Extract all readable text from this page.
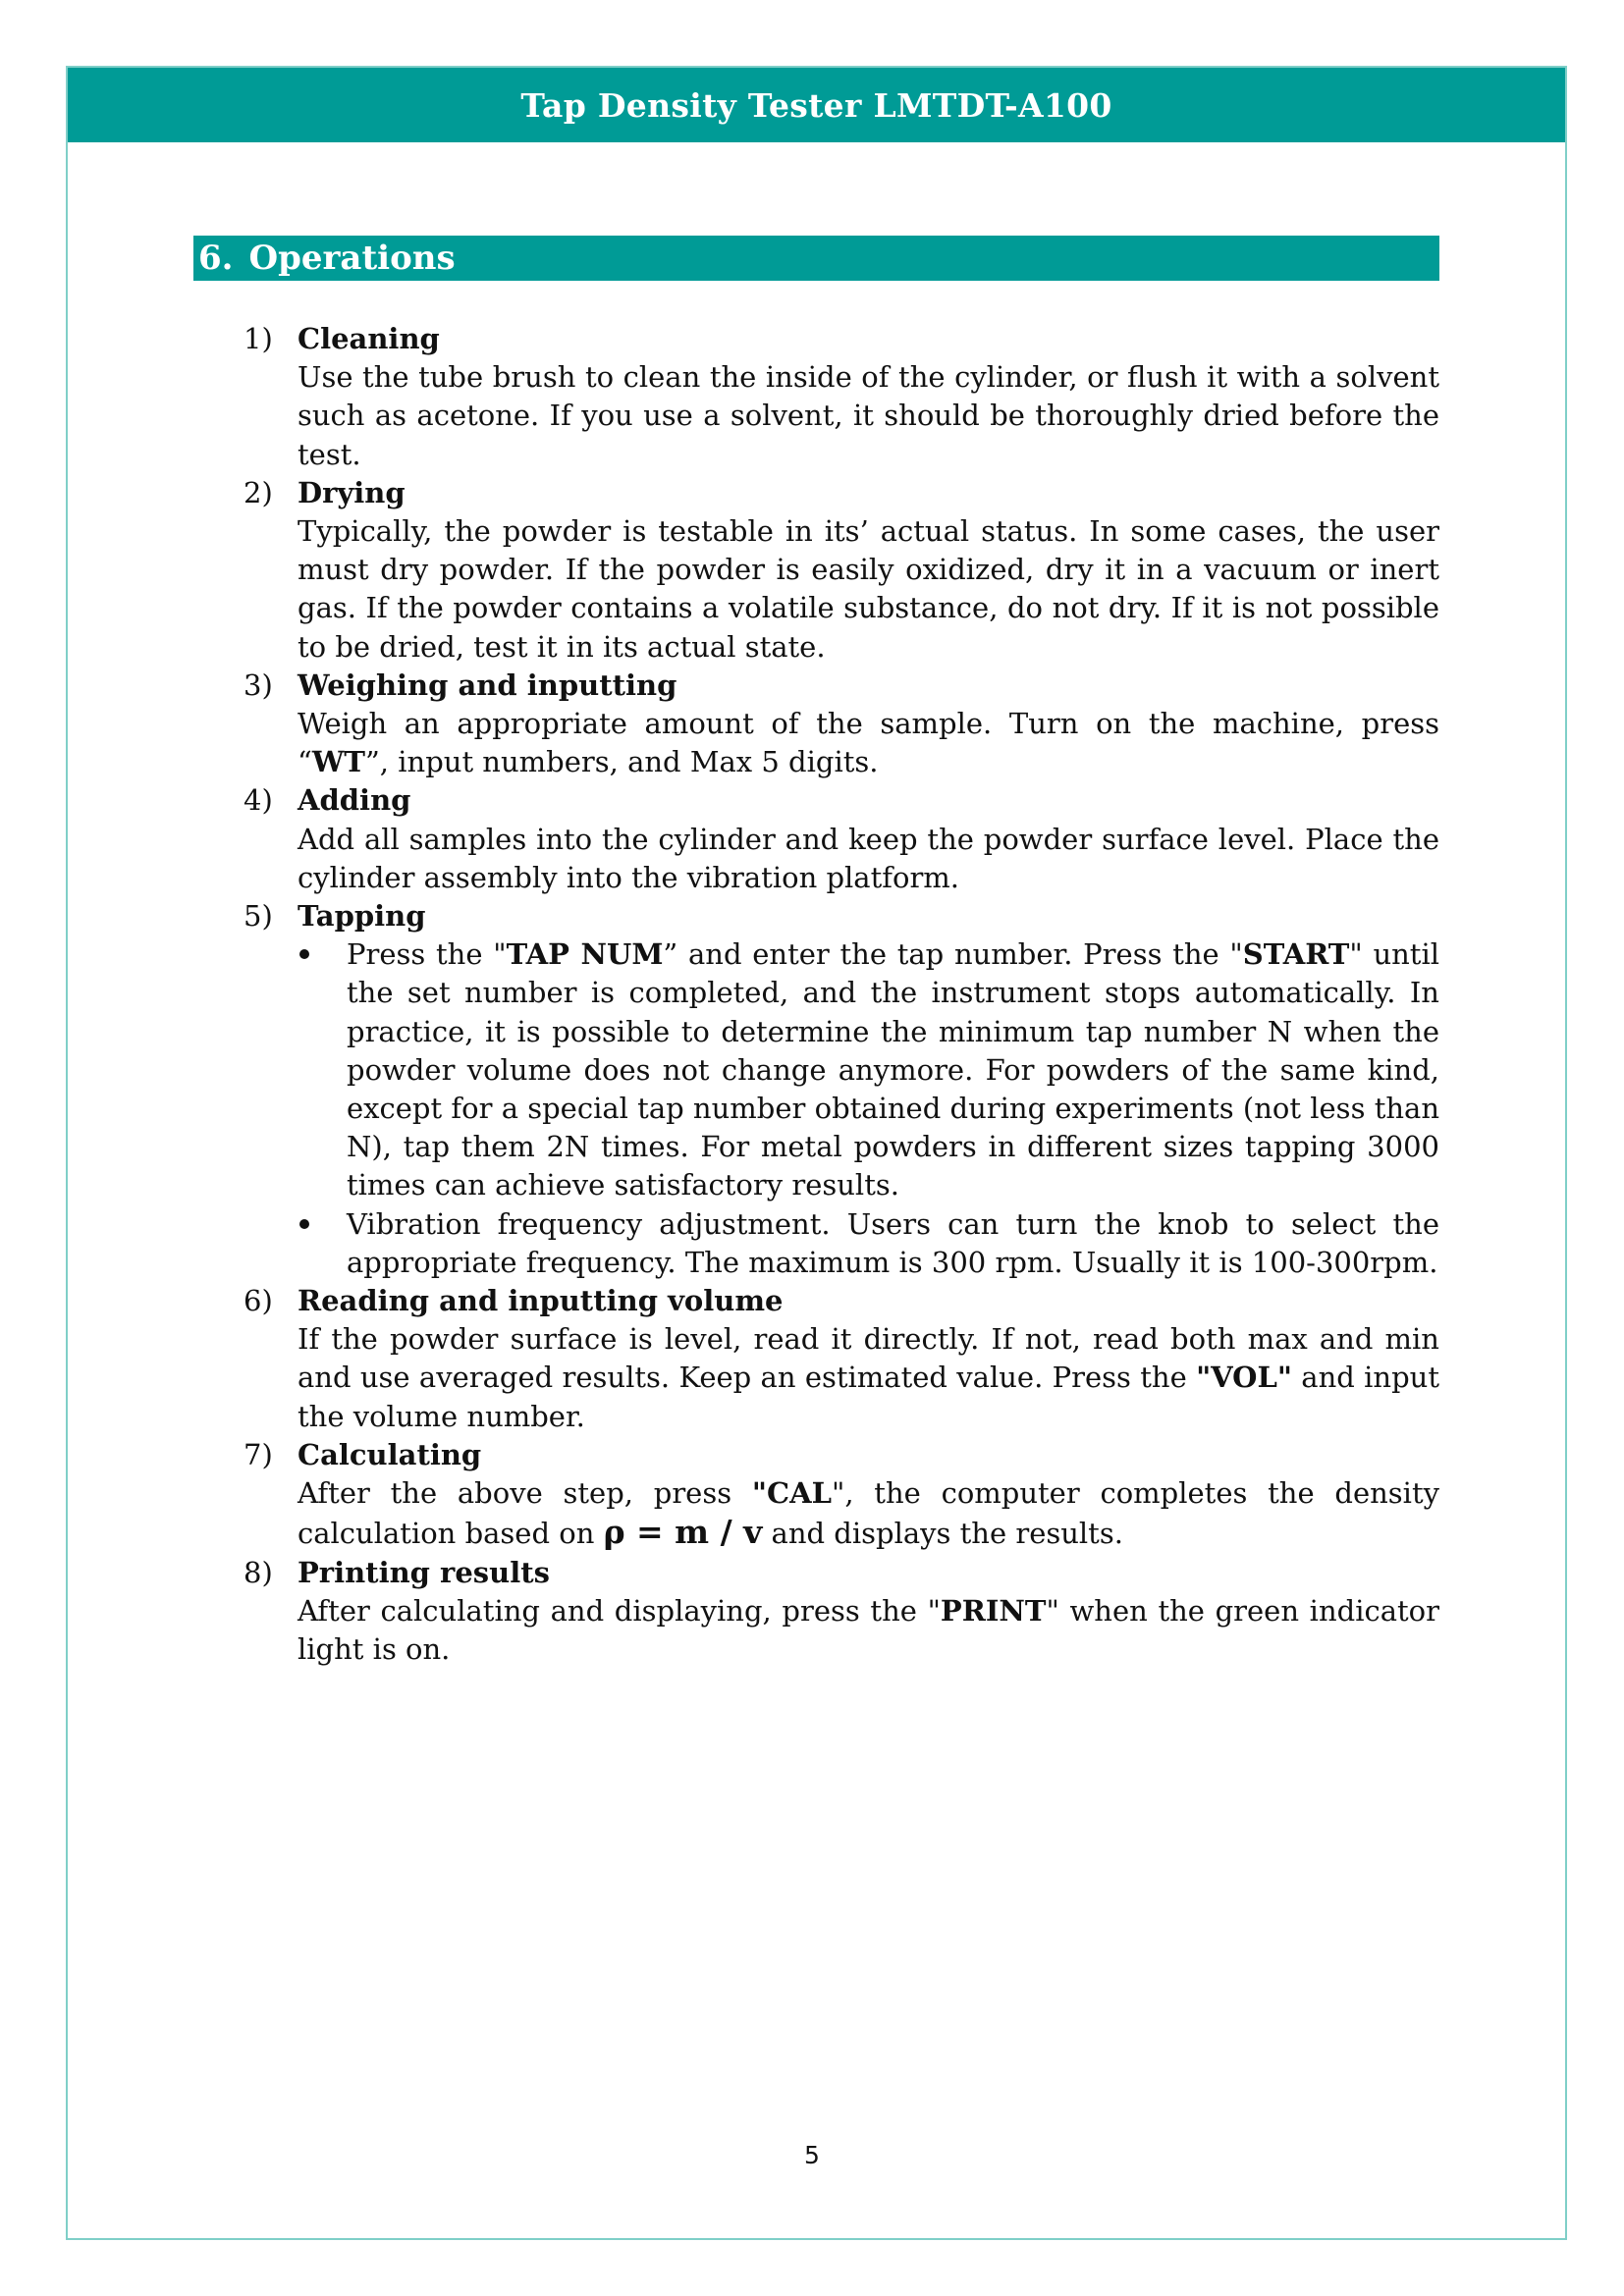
Tap Density Tester LMTDT-A100
6. Operations
1) Cleaning
Use the tube brush to clean the inside of the cylinder, or flush it with a solvent such as acetone. If you use a solvent, it should be thoroughly dried before the test.
2) Drying
Typically, the powder is testable in its’ actual status. In some cases, the user must dry powder. If the powder is easily oxidized, dry it in a vacuum or inert gas. If the powder contains a volatile substance, do not dry. If it is not possible to be dried, test it in its actual state.
3) Weighing and inputting
Weigh an appropriate amount of the sample. Turn on the machine, press “WT”, input numbers, and Max 5 digits.
4) Adding
Add all samples into the cylinder and keep the powder surface level. Place the cylinder assembly into the vibration platform.
5) Tapping
Press the "TAP NUM” and enter the tap number. Press the "START" until the set number is completed, and the instrument stops automatically. In practice, it is possible to determine the minimum tap number N when the powder volume does not change anymore. For powders of the same kind, except for a special tap number obtained during experiments (not less than N), tap them 2N times. For metal powders in different sizes tapping 3000 times can achieve satisfactory results.
Vibration frequency adjustment. Users can turn the knob to select the appropriate frequency. The maximum is 300 rpm. Usually it is 100-300rpm.
6) Reading and inputting volume
If the powder surface is level, read it directly. If not, read both max and min and use averaged results. Keep an estimated value. Press the "VOL" and input the volume number.
7) Calculating
After the above step, press "CAL", the computer completes the density calculation based on ρ = m / v and displays the results.
8) Printing results
After calculating and displaying, press the "PRINT" when the green indicator light is on.
5
